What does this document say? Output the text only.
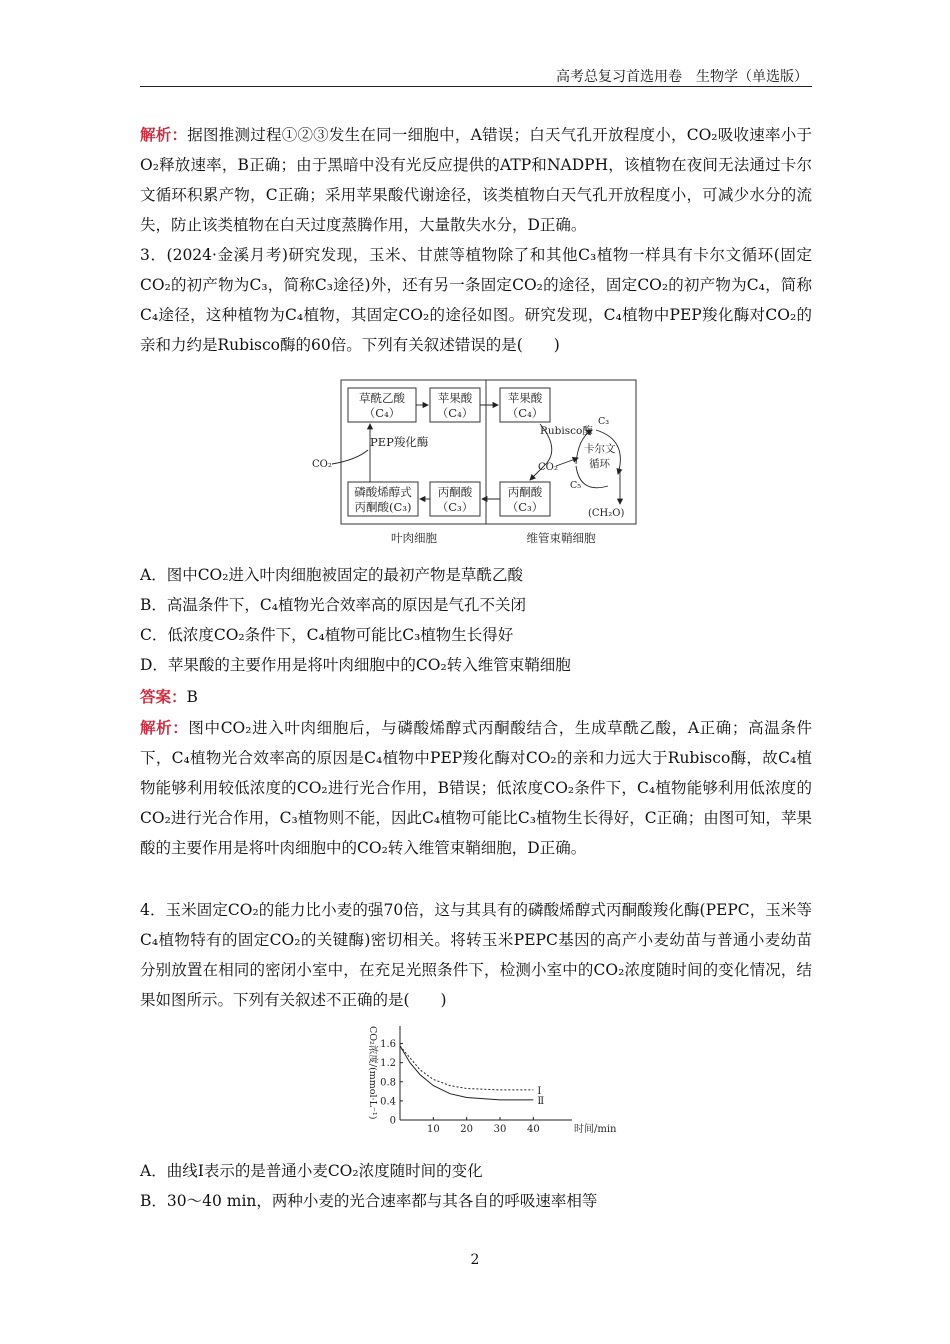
高考总复习首选用卷　生物学（单选版）
解析：据图推测过程①②③发生在同一细胞中，A错误；白天气孔开放程度小，CO₂吸收速率小于O₂释放速率，B正确；由于黑暗中没有光反应提供的ATP和NADPH，该植物在夜间无法通过卡尔文循环积累产物，C正确；采用苹果酸代谢途径，该类植物白天气孔开放程度小，可减少水分的流失，防止该类植物在白天过度蒸腾作用，大量散失水分，D正确。
3．(2024·金溪月考)研究发现，玉米、甘蔗等植物除了和其他C₃植物一样具有卡尔文循环(固定CO₂的初产物为C₃，简称C₃途径)外，还有另一条固定CO₂的途径，固定CO₂的初产物为C₄，简称C₄途径，这种植物为C₄植物，其固定CO₂的途径如图。研究发现，C₄植物中PEP羧化酶对CO₂的亲和力约是Rubisco酶的60倍。下列有关叙述错误的是(　　)
草酰乙酸
（C₄）
苹果酸
（C₄）
苹果酸
（C₄）
磷酸烯醇式
丙酮酸(C₃)
丙酮酸
（C₃）
丙酮酸
（C₃）
CO₂
PEP羧化酶
Rubisco酶
CO₂
C₃
C₅
卡尔文
循环
(CH₂O)
叶肉细胞	维管束鞘细胞
A．图中CO₂进入叶肉细胞被固定的最初产物是草酰乙酸
B．高温条件下，C₄植物光合效率高的原因是气孔不关闭
C．低浓度CO₂条件下，C₄植物可能比C₃植物生长得好
D．苹果酸的主要作用是将叶肉细胞中的CO₂转入维管束鞘细胞
答案：B
解析：图中CO₂进入叶肉细胞后，与磷酸烯醇式丙酮酸结合，生成草酰乙酸，A正确；高温条件下，C₄植物光合效率高的原因是C₄植物中PEP羧化酶对CO₂的亲和力远大于Rubisco酶，故C₄植物能够利用较低浓度的CO₂进行光合作用，B错误；低浓度CO₂条件下，C₄植物能够利用低浓度的CO₂进行光合作用，C₃植物则不能，因此C₄植物可能比C₃植物生长得好，C正确；由图可知，苹果酸的主要作用是将叶肉细胞中的CO₂转入维管束鞘细胞，D正确。
4．玉米固定CO₂的能力比小麦的强70倍，这与其具有的磷酸烯醇式丙酮酸羧化酶(PEPC，玉米等C₄植物特有的固定CO₂的关键酶)密切相关。将转玉米PEPC基因的高产小麦幼苗与普通小麦幼苗分别放置在相同的密闭小室中，在充足光照条件下，检测小室中的CO₂浓度随时间的变化情况，结果如图所示。下列有关叙述不正确的是(　　)
10 20 30 40
0
0.4
0.8
1.2
1.6
时间/min
CO₂浓度/(mmol·L⁻¹)	Ⅰ
Ⅱ
A．曲线Ⅰ表示的是普通小麦CO₂浓度随时间的变化
B．30～40 min，两种小麦的光合速率都与其各自的呼吸速率相等
2
